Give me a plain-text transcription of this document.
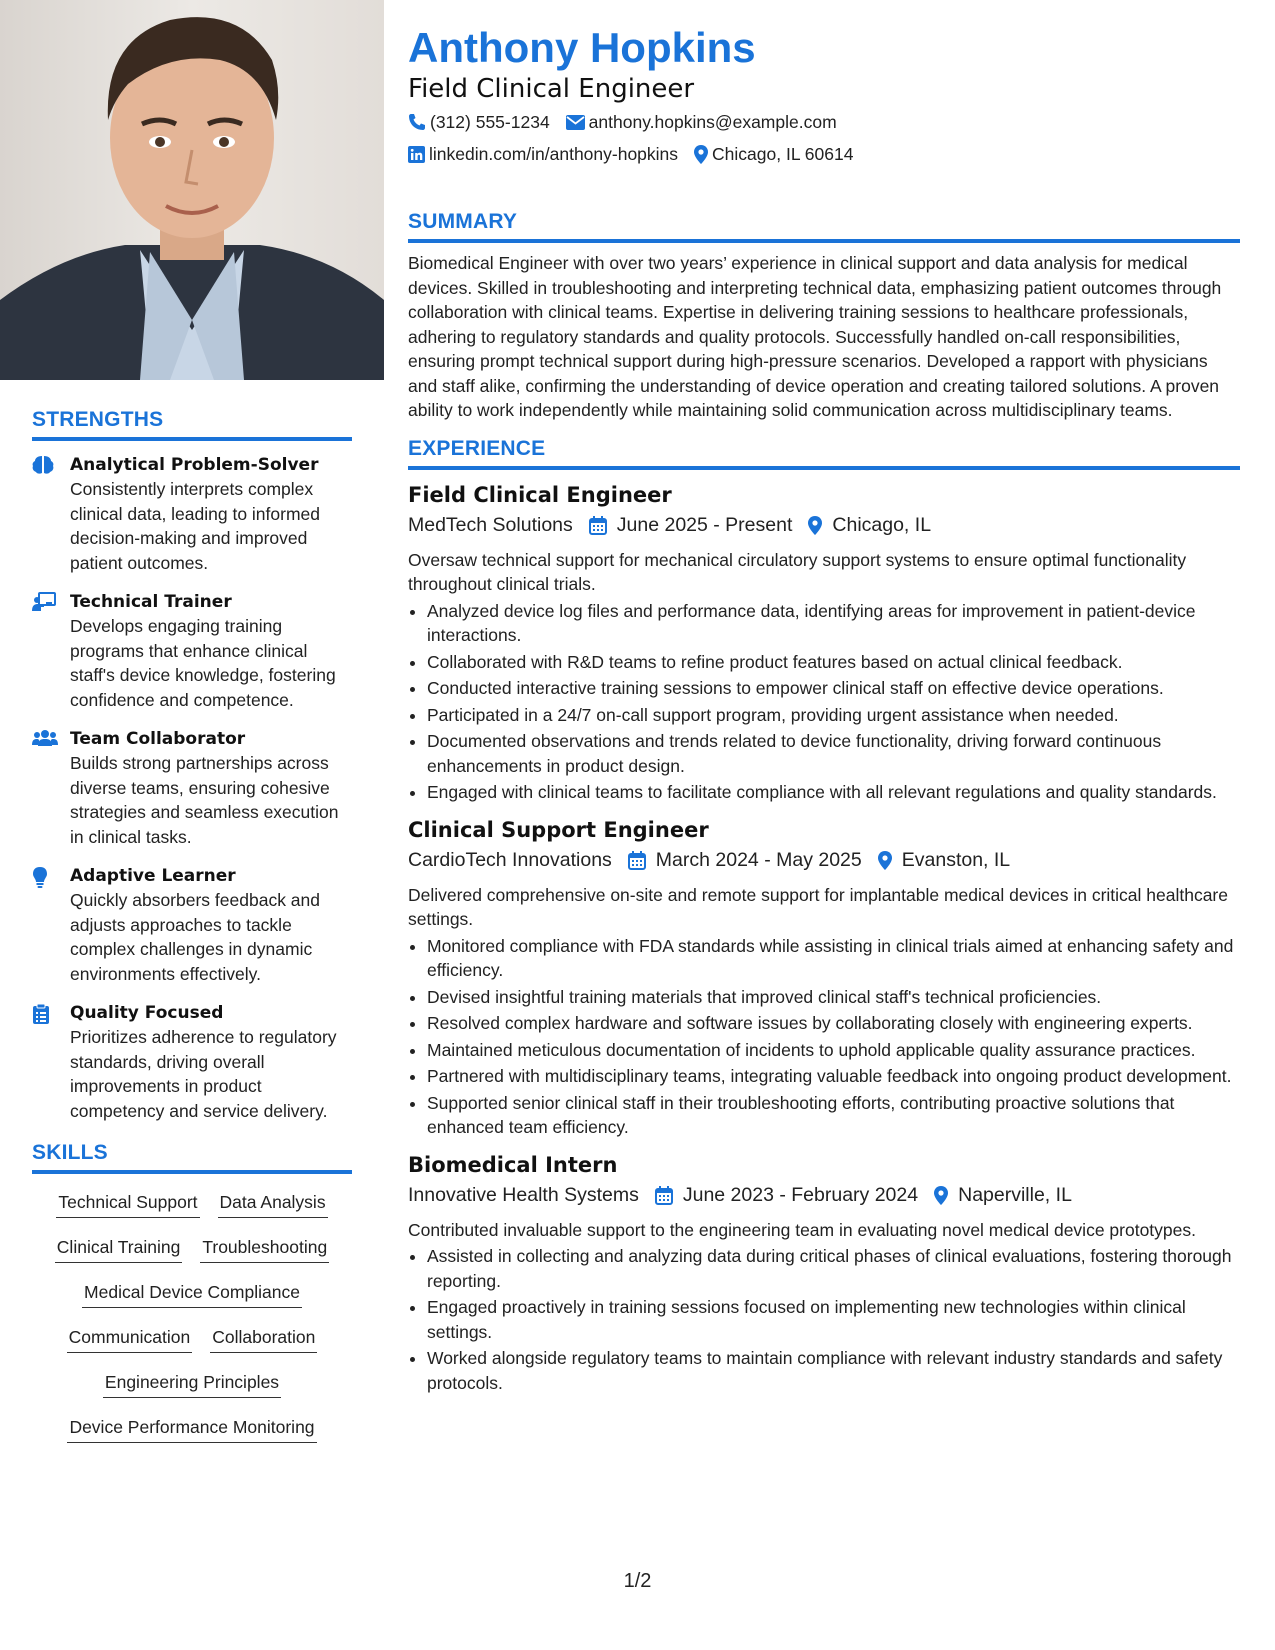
STRENGTHS
Analytical Problem-Solver
Consistently interprets complex clinical data, leading to informed decision-making and improved patient outcomes.
Technical Trainer
Develops engaging training programs that enhance clinical staff's device knowledge, fostering confidence and competence.
Team Collaborator
Builds strong partnerships across diverse teams, ensuring cohesive strategies and seamless execution in clinical tasks.
Adaptive Learner
Quickly absorbers feedback and adjusts approaches to tackle complex challenges in dynamic environments effectively.
Quality Focused
Prioritizes adherence to regulatory standards, driving overall improvements in product competency and service delivery.
SKILLS
Technical Support Data Analysis
Clinical Training Troubleshooting
Medical Device Compliance
Communication Collaboration
Engineering Principles
Device Performance Monitoring
Anthony Hopkins
Field Clinical Engineer
(312) 555-1234 anthony.hopkins@example.com
linkedin.com/in/anthony-hopkins Chicago, IL 60614
SUMMARY
Biomedical Engineer with over two years’ experience in clinical support and data analysis for medical devices. Skilled in troubleshooting and interpreting technical data, emphasizing patient outcomes through collaboration with clinical teams. Expertise in delivering training sessions to healthcare professionals, adhering to regulatory standards and quality protocols. Successfully handled on-call responsibilities, ensuring prompt technical support during high-pressure scenarios. Developed a rapport with physicians and staff alike, confirming the understanding of device operation and creating tailored solutions. A proven ability to work independently while maintaining solid communication across multidisciplinary teams.
EXPERIENCE
Field Clinical Engineer
MedTech Solutions June 2025 - Present Chicago, IL
Oversaw technical support for mechanical circulatory support systems to ensure optimal functionality throughout clinical trials.
• Analyzed device log files and performance data, identifying areas for improvement in patient-device interactions.
• Collaborated with R&D teams to refine product features based on actual clinical feedback.
• Conducted interactive training sessions to empower clinical staff on effective device operations.
• Participated in a 24/7 on-call support program, providing urgent assistance when needed.
• Documented observations and trends related to device functionality, driving forward continuous enhancements in product design.
• Engaged with clinical teams to facilitate compliance with all relevant regulations and quality standards.
Clinical Support Engineer
CardioTech Innovations March 2024 - May 2025 Evanston, IL
Delivered comprehensive on-site and remote support for implantable medical devices in critical healthcare settings.
• Monitored compliance with FDA standards while assisting in clinical trials aimed at enhancing safety and efficiency.
• Devised insightful training materials that improved clinical staff's technical proficiencies.
• Resolved complex hardware and software issues by collaborating closely with engineering experts.
• Maintained meticulous documentation of incidents to uphold applicable quality assurance practices.
• Partnered with multidisciplinary teams, integrating valuable feedback into ongoing product development.
• Supported senior clinical staff in their troubleshooting efforts, contributing proactive solutions that enhanced team efficiency.
Biomedical Intern
Innovative Health Systems June 2023 - February 2024 Naperville, IL
Contributed invaluable support to the engineering team in evaluating novel medical device prototypes.
• Assisted in collecting and analyzing data during critical phases of clinical evaluations, fostering thorough reporting.
• Engaged proactively in training sessions focused on implementing new technologies within clinical settings.
• Worked alongside regulatory teams to maintain compliance with relevant industry standards and safety protocols.
1/2
